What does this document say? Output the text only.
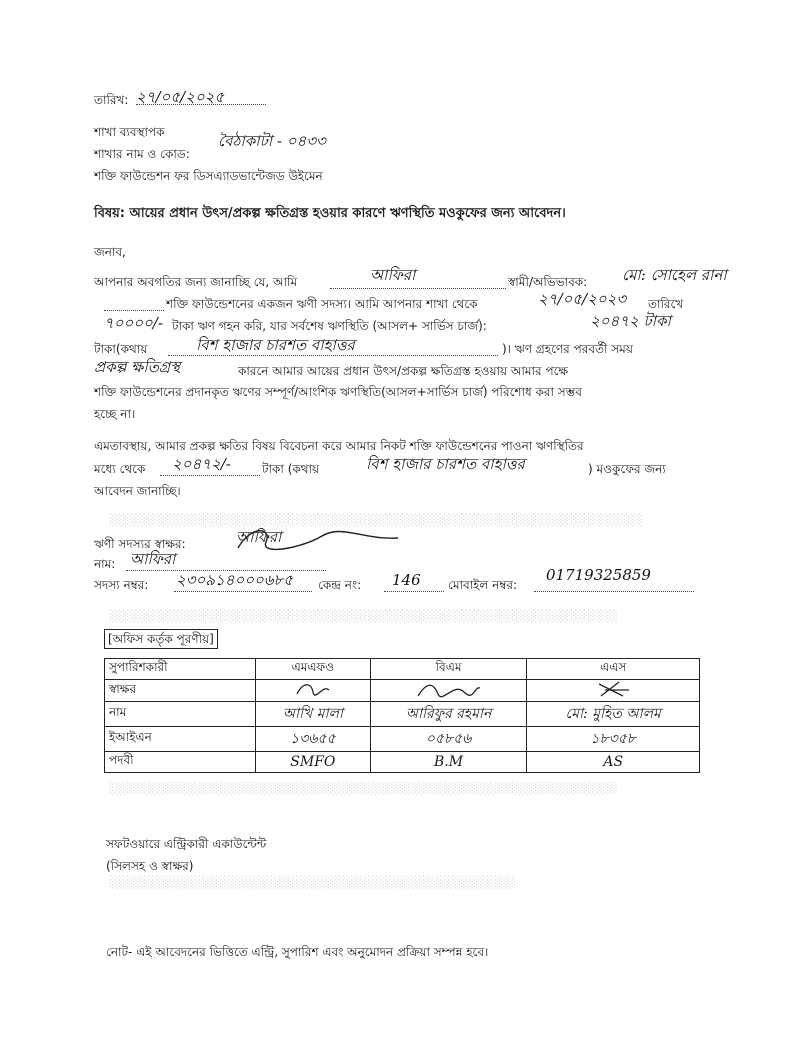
তারিখ: ২৭/০৫/২০২৫
শাখা ব্যবস্থাপক
শাখার নাম ও কোড:
বৈঠাকাটা - ০৪৩৩
শক্তি ফাউন্ডেশন ফর ডিসএ্যাডভান্টেজড উইমেন
বিষয়: আয়ের প্রধান উৎস/প্রকল্প ক্ষতিগ্রস্ত হওয়ার কারণে ঋণস্থিতি মওকুফের জন্য আবেদন।
জনাব,
আপনার অবগতির জন্য জানাচ্ছি যে, আমি	আফিরা	স্বামী/অভিভাবক: মো: সোহেল রানা
শক্তি ফাউন্ডেশনের একজন ঋণী সদস্য। আমি আপনার শাখা থেকে	২৭/০৫/২০২৩ তারিখে
৭০০০০/- টাকা ঋণ গহন করি, যার সর্বশেষ ঋণস্থিতি (আসল+ সার্ভিস চার্জ):	২০৪৭২ টাকা
টাকা(কথায়	বিশ হাজার চারশত বাহাত্তর	)। ঋণ গ্রহণের পরবর্তী সময়
প্রকল্প ক্ষতিগ্রস্থ	কারনে আমার আয়ের প্রধান উৎস/প্রকল্প ক্ষতিগ্রস্ত হওয়ায় আমার পক্ষে
শক্তি ফাউন্ডেশনের প্রদানকৃত ঋণের সম্পূর্ণ/আংশিক ঋণস্থিতি(আসল+সার্ভিস চার্জ) পরিশোধ করা সম্ভব
হচ্ছে না।
এমতাবস্থায়, আমার প্রকল্প ক্ষতির বিষয় বিবেচনা করে আমার নিকট শক্তি ফাউন্ডেশনের পাওনা ঋণস্থিতির
মধ্যে থেকে ২০৪৭২/-	টাকা (কথায়	বিশ হাজার চারশত বাহাত্তর	) মওকুফের জন্য
আবেদন জানাচ্ছি।
░░░░░░░░░░░░░░░░░░░░░░░░░░░░░░░░░░░░░░░░░░░░░░░░░░░░░░░░░░░░░░░
░░░░░░░░░░░░░░░░░░░░░░░░░░░░░░░░░░░░░░░░░░░░░░░░░░░░░░░░░░░░
░░░░░░░░░░░░░░░░░░░░░░░░░░░░░░░░░░░░░░░░░░░░░░░░░░░░░░░░░░░░
░░░░░░░░░░░░░░░░░░░░░░░░░░░░░░░░░░░░░░░░░░░░░░░░
ঋণী সদস্যর স্বাক্ষর:	আফিরা
নাম: আফিরা
সদস্য নম্বর: ২৩০৯১৪০০০৬৮৫ কেন্দ্র নং: 146 মোবাইল নম্বর:
01719325859
[অফিস কর্তৃক পূরণীয়]
সুপারিশকারী	এমএফও	বিএম	এএস
স্বাক্ষর			
নাম	আখি মালা	আরিফুর রহমান	মো: মুহিত আলম
ইআইএন	১৩৬৫৫	০৫৮৫৬	১৮৩৫৮
পদবী	SMFO	B.M	AS
সফটওয়ারে এন্ট্রিকারী একাউন্টেন্ট
(সিলসহ ও স্বাক্ষর)
নোট- এই আবেদনের ভিত্তিতে এন্ট্রি, সুপারিশ এবং অনুমোদন প্রক্রিয়া সম্পন্ন হবে।
